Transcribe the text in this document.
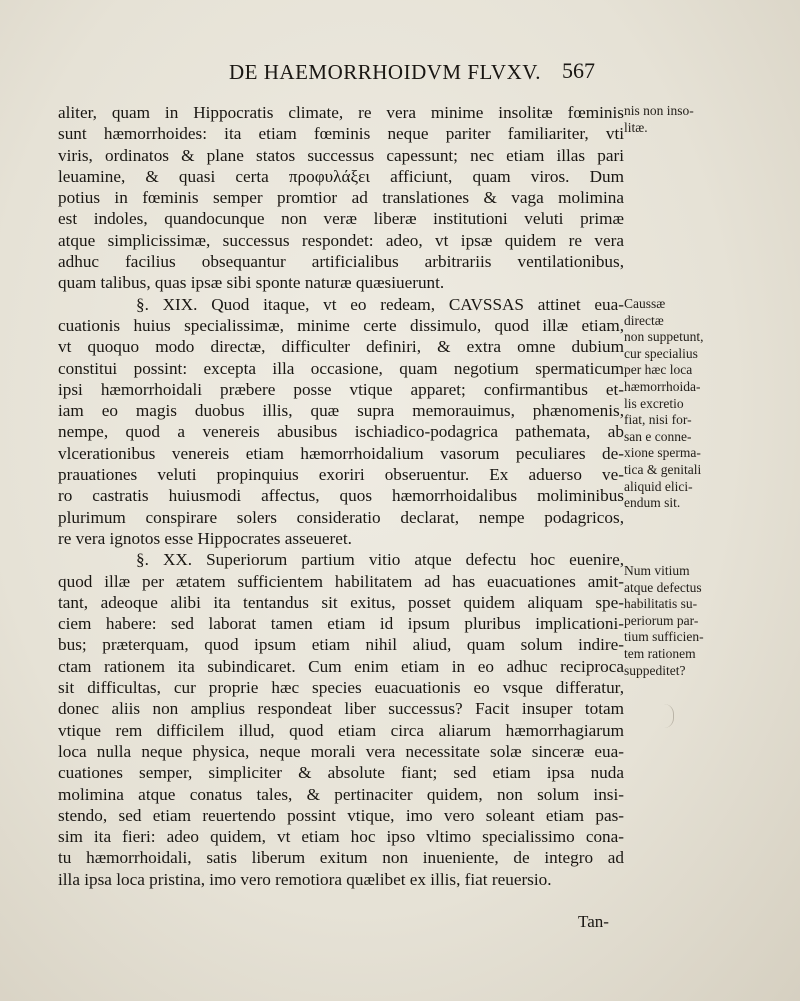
DE HAEMORRHOIDVM FLVXV. 567
aliter, quam in Hippocratis climate, re vera minime insolitæ fœminis
sunt hæmorrhoides: ita etiam fœminis neque pariter familiariter, vti
viris, ordinatos & plane statos successus capessunt; nec etiam illas pari
leuamine, & quasi certa προφυλάξει afficiunt, quam viros. Dum
potius in fœminis semper promtior ad translationes & vaga molimina
est indoles, quandocunque non veræ liberæ institutioni veluti primæ
atque simplicissimæ, successus respondet: adeo, vt ipsæ quidem re vera
adhuc facilius obsequantur artificialibus arbitrariis ventilationibus,
quam talibus, quas ipsæ sibi sponte naturæ quæsiuerunt.
§. XIX. Quod itaque, vt eo redeam, CAVSSAS attinet eua-
cuationis huius specialissimæ, minime certe dissimulo, quod illæ etiam,
vt quoquo modo directæ, difficulter definiri, & extra omne dubium
constitui possint: excepta illa occasione, quam negotium spermaticum
ipsi hæmorrhoidali præbere posse vtique apparet; confirmantibus et-
iam eo magis duobus illis, quæ supra memorauimus, phænomenis,
nempe, quod a venereis abusibus ischiadico-podagrica pathemata, ab
vlcerationibus venereis etiam hæmorrhoidalium vasorum peculiares de-
prauationes veluti propinquius exoriri obseruentur. Ex aduerso ve-
ro castratis huiusmodi affectus, quos hæmorrhoidalibus moliminibus
plurimum conspirare solers consideratio declarat, nempe podagricos,
re vera ignotos esse Hippocrates asseueret.
§. XX. Superiorum partium vitio atque defectu hoc euenire,
quod illæ per ætatem sufficientem habilitatem ad has euacuationes amit-
tant, adeoque alibi ita tentandus sit exitus, posset quidem aliquam spe-
ciem habere: sed laborat tamen etiam id ipsum pluribus implicationi-
bus; præterquam, quod ipsum etiam nihil aliud, quam solum indire-
ctam rationem ita subindicaret. Cum enim etiam in eo adhuc reciproca
sit difficultas, cur proprie hæc species euacuationis eo vsque differatur,
donec aliis non amplius respondeat liber successus? Facit insuper totam
vtique rem difficilem illud, quod etiam circa aliarum hæmorrhagiarum
loca nulla neque physica, neque morali vera necessitate solæ sinceræ eua-
cuationes semper, simpliciter & absolute fiant; sed etiam ipsa nuda
molimina atque conatus tales, & pertinaciter quidem, non solum insi-
stendo, sed etiam reuertendo possint vtique, imo vero soleant etiam pas-
sim ita fieri: adeo quidem, vt etiam hoc ipso vltimo specialissimo cona-
tu hæmorrhoidali, satis liberum exitum non inueniente, de integro ad
illa ipsa loca pristina, imo vero remotiora quælibet ex illis, fiat reuersio.
nis non inso-
litæ.
Caussæ directæ
non suppetunt,
cur specialius
per hæc loca
hæmorrhoida-
lis excretio
fiat, nisi for-
san e conne-
xione sperma-
tica & genitali
aliquid elici-
endum sit.
Num vitium
atque defectus
habilitatis su-
periorum par-
tium sufficien-
tem rationem
suppeditet?
Tan-
